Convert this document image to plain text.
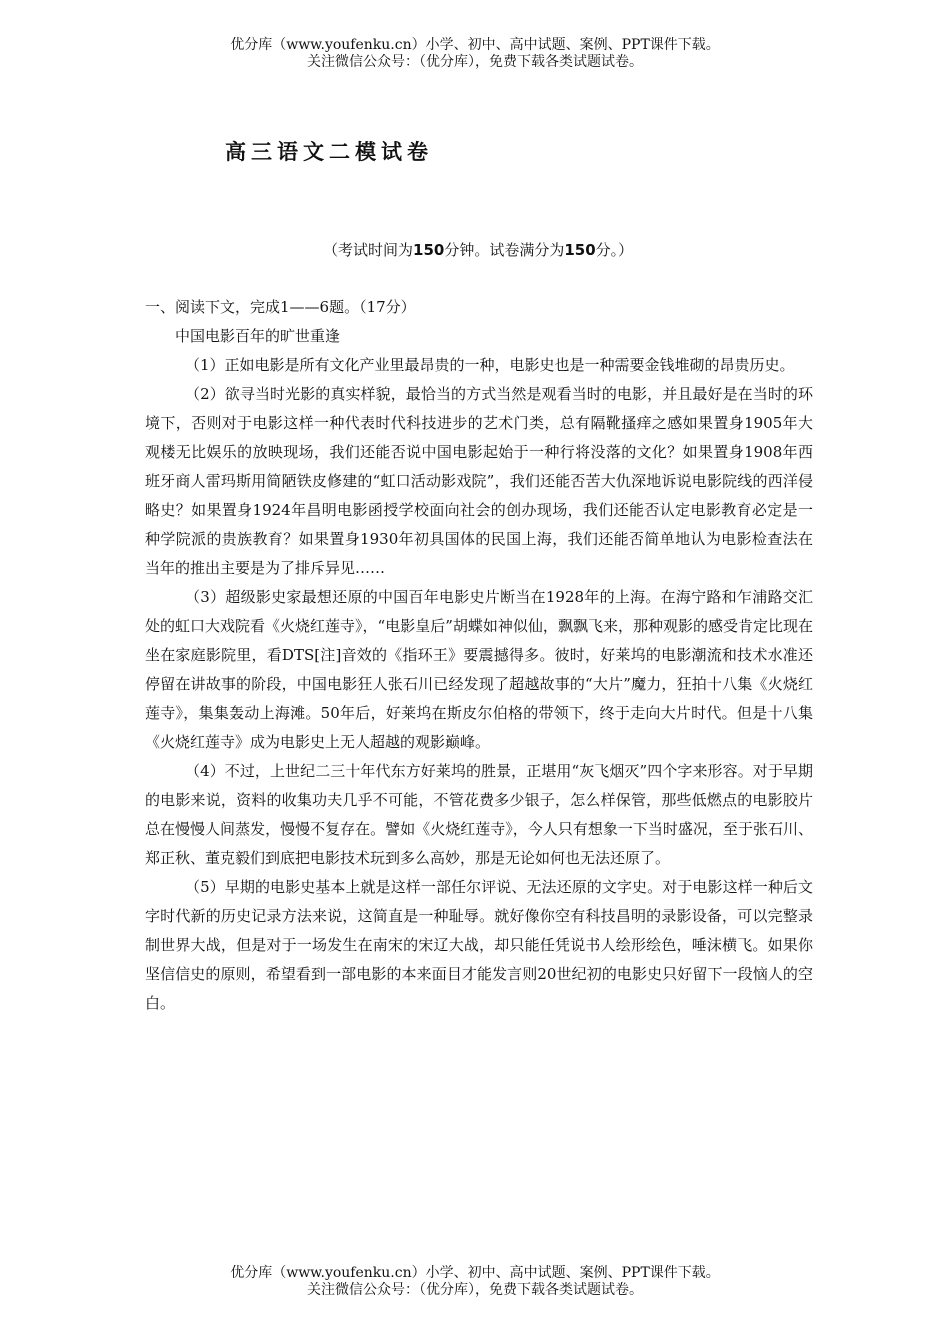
优分库（www.youfenku.cn）小学、初中、高中试题、案例、PPT课件下载。
关注微信公众号：（优分库），免费下载各类试题试卷。
高三语文二模试卷
（考试时间为150分钟。试卷满分为150分。）

一、阅读下文，完成1——6题。（17分）

中国电影百年的旷世重逢

（1）正如电影是所有文化产业里最昂贵的一种，电影史也是一种需要金钱堆砌的昂贵历史。

（2）欲寻当时光影的真实样貌，最恰当的方式当然是观看当时的电影，并且最好是在当时的环境下，否则对于电影这样一种代表时代科技进步的艺术门类，总有隔靴搔痒之感如果置身1905年大观楼无比娱乐的放映现场，我们还能否说中国电影起始于一种行将没落的文化？如果置身1908年西班牙商人雷玛斯用简陋铁皮修建的“虹口活动影戏院”，我们还能否苦大仇深地诉说电影院线的西洋侵略史？如果置身1924年昌明电影函授学校面向社会的创办现场，我们还能否认定电影教育必定是一种学院派的贵族教育？如果置身1930年初具国体的民国上海，我们还能否简单地认为电影检查法在当年的推出主要是为了排斥异见……

（3）超级影史家最想还原的中国百年电影史片断当在1928年的上海。在海宁路和乍浦路交汇处的虹口大戏院看《火烧红莲寺》，“电影皇后”胡蝶如神似仙，飘飘飞来，那种观影的感受肯定比现在坐在家庭影院里，看DTS[注]音效的《指环王》要震撼得多。彼时，好莱坞的电影潮流和技术水准还停留在讲故事的阶段，中国电影狂人张石川已经发现了超越故事的“大片”魔力，狂拍十八集《火烧红莲寺》，集集轰动上海滩。50年后，好莱坞在斯皮尔伯格的带领下，终于走向大片时代。但是十八集《火烧红莲寺》成为电影史上无人超越的观影巅峰。

（4）不过，上世纪二三十年代东方好莱坞的胜景，正堪用“灰飞烟灭”四个字来形容。对于早期的电影来说，资料的收集功夫几乎不可能，不管花费多少银子，怎么样保管，那些低燃点的电影胶片总在慢慢人间蒸发，慢慢不复存在。譬如《火烧红莲寺》，今人只有想象一下当时盛况，至于张石川、郑正秋、董克毅们到底把电影技术玩到多么高妙，那是无论如何也无法还原了。

（5）早期的电影史基本上就是这样一部任尔评说、无法还原的文字史。对于电影这样一种后文字时代新的历史记录方法来说，这简直是一种耻辱。就好像你空有科技昌明的录影设备，可以完整录制世界大战，但是对于一场发生在南宋的宋辽大战，却只能任凭说书人绘形绘色，唾沫横飞。如果你坚信信史的原则，希望看到一部电影的本来面目才能发言则20世纪初的电影史只好留下一段恼人的空白。

优分库（www.youfenku.cn）小学、初中、高中试题、案例、PPT课件下载。
关注微信公众号：（优分库），免费下载各类试题试卷。
